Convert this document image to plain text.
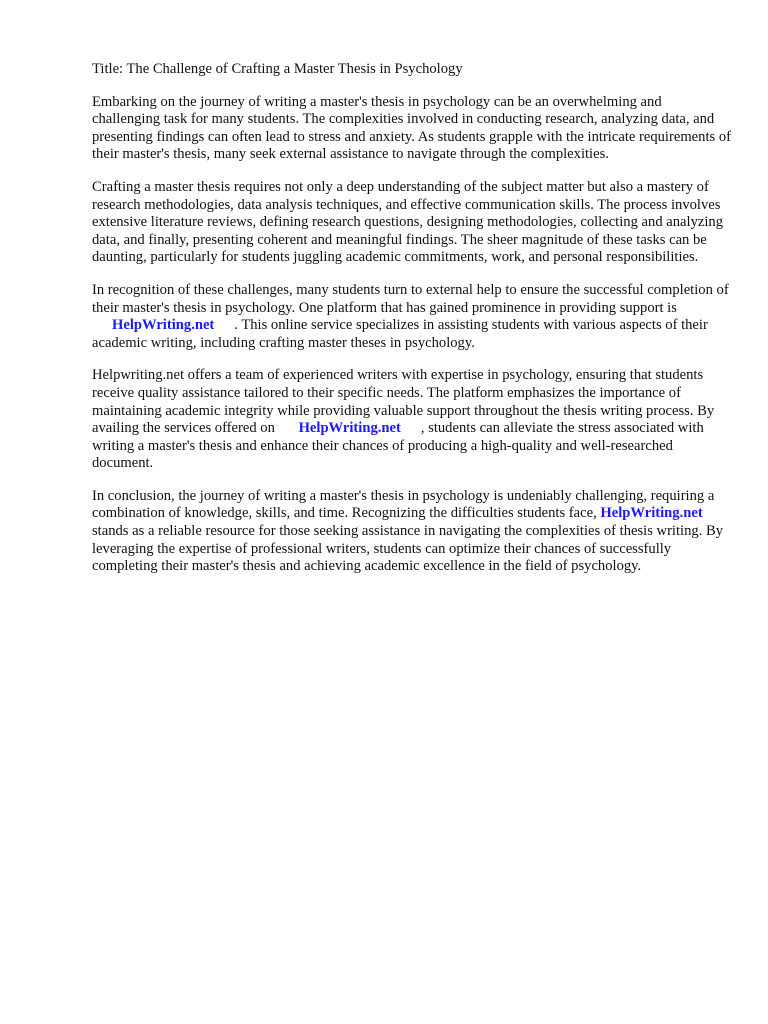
Title: The Challenge of Crafting a Master Thesis in Psychology

Embarking on the journey of writing a master's thesis in psychology can be an overwhelming and challenging task for many students. The complexities involved in conducting research, analyzing data, and presenting findings can often lead to stress and anxiety. As students grapple with the intricate requirements of their master's thesis, many seek external assistance to navigate through the complexities.

Crafting a master thesis requires not only a deep understanding of the subject matter but also a mastery of research methodologies, data analysis techniques, and effective communication skills. The process involves extensive literature reviews, defining research questions, designing methodologies, collecting and analyzing data, and finally, presenting coherent and meaningful findings. The sheer magnitude of these tasks can be daunting, particularly for students juggling academic commitments, work, and personal responsibilities.

In recognition of these challenges, many students turn to external help to ensure the successful completion of their master's thesis in psychology. One platform that has gained prominence in providing support is HelpWriting.net . This online service specializes in assisting students with various aspects of their academic writing, including crafting master theses in psychology.

Helpwriting.net offers a team of experienced writers with expertise in psychology, ensuring that students receive quality assistance tailored to their specific needs. The platform emphasizes the importance of maintaining academic integrity while providing valuable support throughout the thesis writing process. By availing the services offered on HelpWriting.net , students can alleviate the stress associated with writing a master's thesis and enhance their chances of producing a high-quality and well-researched document.

In conclusion, the journey of writing a master's thesis in psychology is undeniably challenging, requiring a combination of knowledge, skills, and time. Recognizing the difficulties students face, HelpWriting.net stands as a reliable resource for those seeking assistance in navigating the complexities of thesis writing. By leveraging the expertise of professional writers, students can optimize their chances of successfully completing their master's thesis and achieving academic excellence in the field of psychology.
